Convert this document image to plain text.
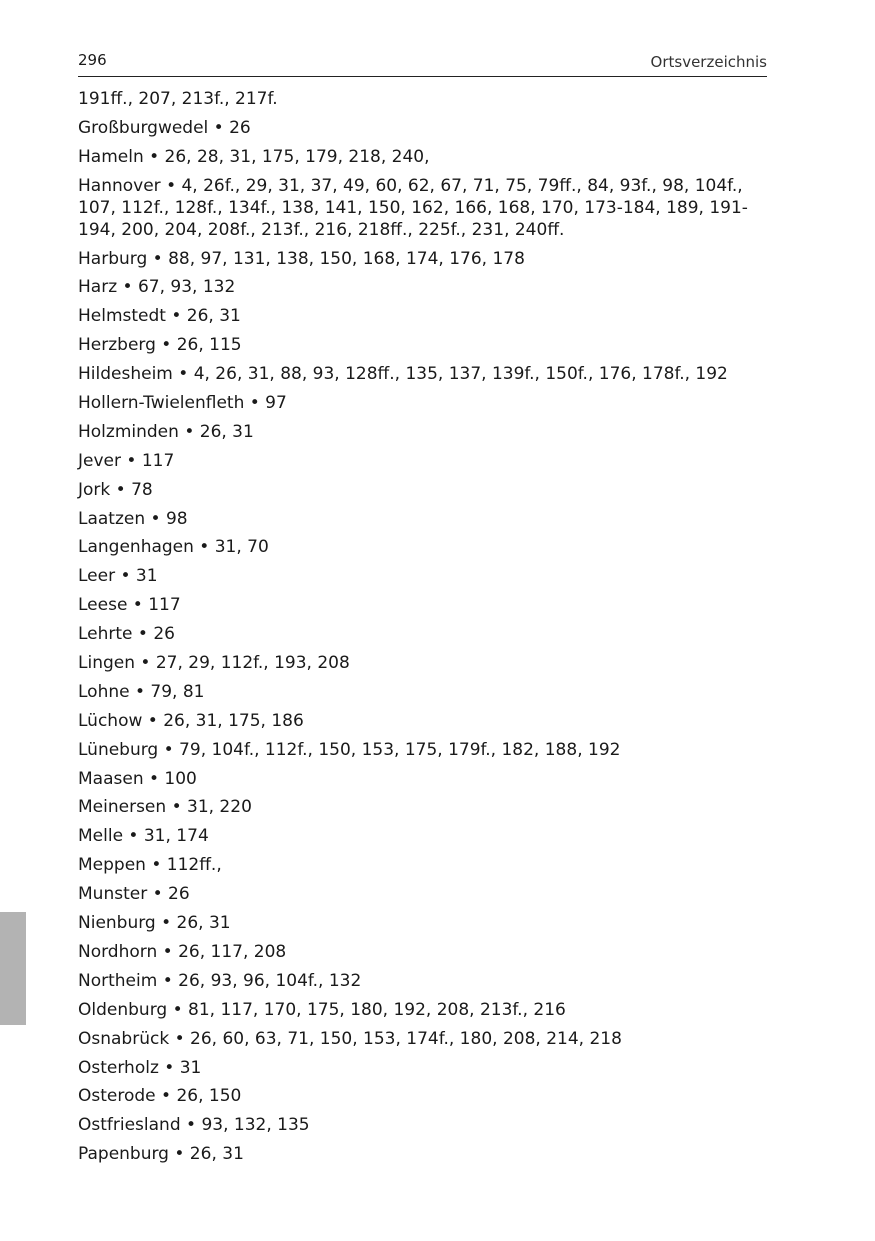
296	Ortsverzeichnis
191ff., 207, 213f., 217f.
Großburgwedel • 26
Hameln • 26, 28, 31, 175, 179, 218, 240,
Hannover • 4, 26f., 29, 31, 37, 49, 60, 62, 67, 71, 75, 79ff., 84, 93f., 98, 104f., 107, 112f., 128f., 134f., 138, 141, 150, 162, 166, 168, 170, 173-184, 189, 191-194, 200, 204, 208f., 213f., 216, 218ff., 225f., 231, 240ff.
Harburg • 88, 97, 131, 138, 150, 168, 174, 176, 178
Harz • 67, 93, 132
Helmstedt • 26, 31
Herzberg • 26, 115
Hildesheim • 4, 26, 31, 88, 93, 128ff., 135, 137, 139f., 150f., 176, 178f., 192
Hollern-Twielenfleth • 97
Holzminden • 26, 31
Jever • 117
Jork • 78
Laatzen • 98
Langenhagen • 31, 70
Leer • 31
Leese • 117
Lehrte • 26
Lingen • 27, 29, 112f., 193, 208
Lohne • 79, 81
Lüchow • 26, 31, 175, 186
Lüneburg • 79, 104f., 112f., 150, 153, 175, 179f., 182, 188, 192
Maasen • 100
Meinersen • 31, 220
Melle • 31, 174
Meppen • 112ff.,
Munster • 26
Nienburg • 26, 31
Nordhorn • 26, 117, 208
Northeim • 26, 93, 96, 104f., 132
Oldenburg • 81, 117, 170, 175, 180, 192, 208, 213f., 216
Osnabrück • 26, 60, 63, 71, 150, 153, 174f., 180, 208, 214, 218
Osterholz • 31
Osterode • 26, 150
Ostfriesland • 93, 132, 135
Papenburg • 26, 31
